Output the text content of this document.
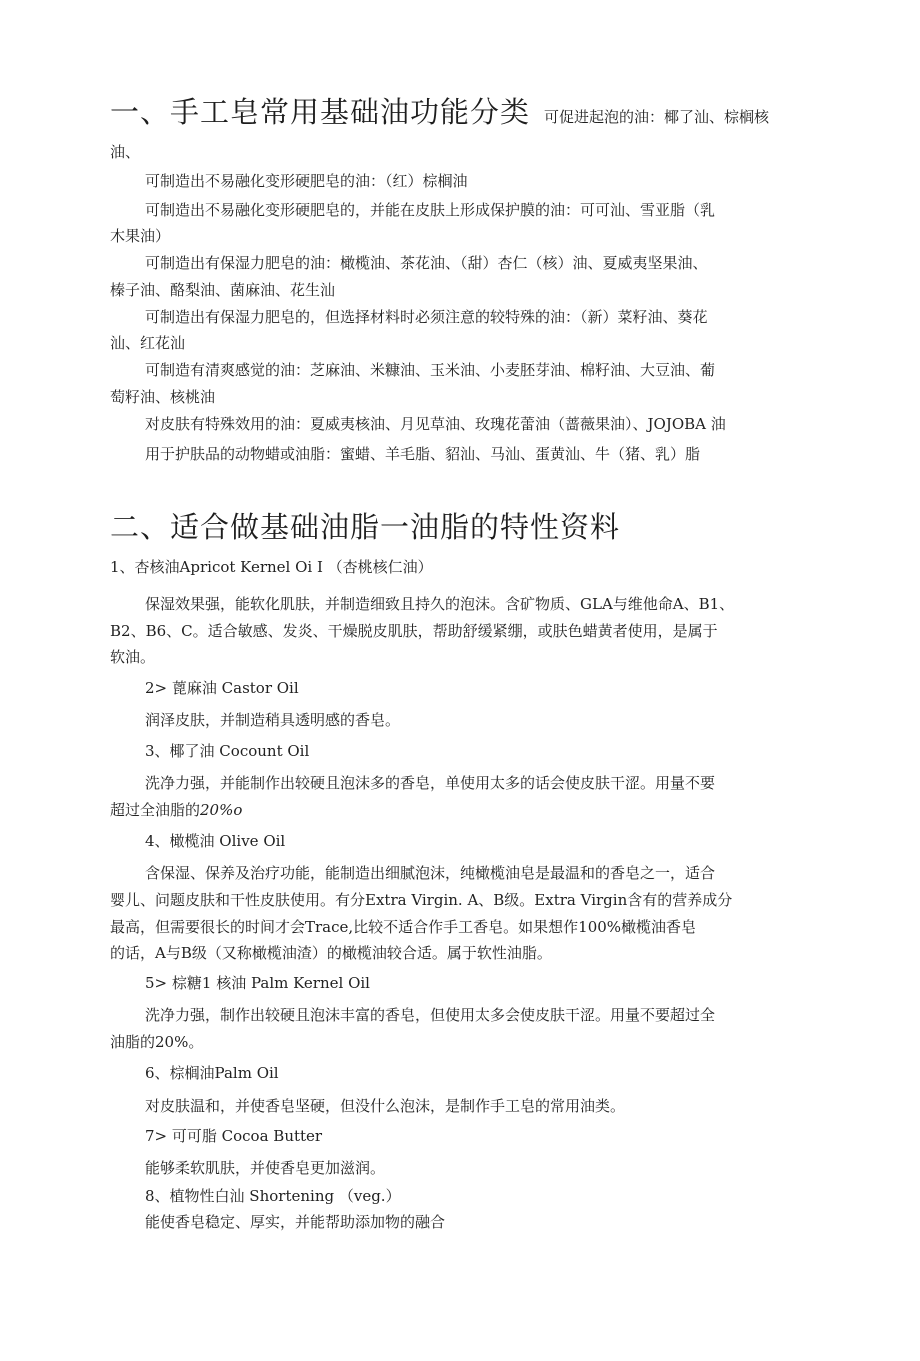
一、手工皂常用基础油功能分类 可促进起泡的油：椰了汕、棕榈核
油、
可制造出不易融化变形硬肥皂的油：（红）棕榈油
可制造出不易融化变形硬肥皂的，并能在皮肤上形成保护膜的油：可可汕、雪亚脂（乳
木果油）
可制造出有保湿力肥皂的油：橄榄油、茶花油、（甜）杏仁（核）油、夏威夷坚果油、
榛子油、酪梨油、菌麻油、花生汕
可制造出有保湿力肥皂的，但选择材料时必须注意的较特殊的油：（新）菜籽油、葵花
汕、红花汕
可制造有清爽感觉的油：芝麻油、米糠油、玉米油、小麦胚芽油、棉籽油、大豆油、葡
萄籽油、核桃油
对皮肤有特殊效用的油：夏威夷核油、月见草油、玫瑰花蕾油（蔷薇果油）、JOJOBA 油
用于护肤品的动物蜡或油脂：蜜蜡、羊毛脂、貂汕、马汕、蛋黄汕、牛（猪、乳）脂
二、适合做基础油脂一油脂的特性资料
1、杏核油Apricot Kernel Oi I （杏桃核仁油）
保湿效果强，能软化肌肤，并制造细致且持久的泡沫。含矿物质、GLA与维他命A、B1、
B2、B6、C。适合敏感、发炎、干燥脱皮肌肤，帮助舒缓紧绷，或肤色蜡黄者使用，是属于
软油。
2> 蓖麻油 Castor Oil
润泽皮肤，并制造稍具透明感的香皂。
3、椰了油 Cocount Oil
洗净力强，并能制作出较硬且泡沫多的香皂，单使用太多的话会使皮肤干涩。用量不要
超过全油脂的20%o
4、橄榄油 Olive Oil
含保湿、保养及治疗功能，能制造出细腻泡沫，纯橄榄油皂是最温和的香皂之一，适合
婴儿、问题皮肤和干性皮肤使用。有分Extra Virgin. A、B级。Extra Virgin含有的营养成分
最高，但需要很长的时间才会Trace,比较不适合作手工香皂。如果想作100%橄榄油香皂
的话，A与B级（又称橄榄油渣）的橄榄油较合适。属于软性油脂。
5> 棕糖1 核油 Palm Kernel Oil
洗净力强，制作出较硬且泡沫丰富的香皂，但使用太多会使皮肤干涩。用量不要超过全
油脂的20%。
6、棕榈油Palm Oil
对皮肤温和，并使香皂坚硬，但没什么泡沫，是制作手工皂的常用油类。
7> 可可脂 Cocoa Butter
能够柔软肌肤，并使香皂更加滋润。
8、植物性白汕 Shortening （veg.）
能使香皂稳定、厚实，并能帮助添加物的融合
